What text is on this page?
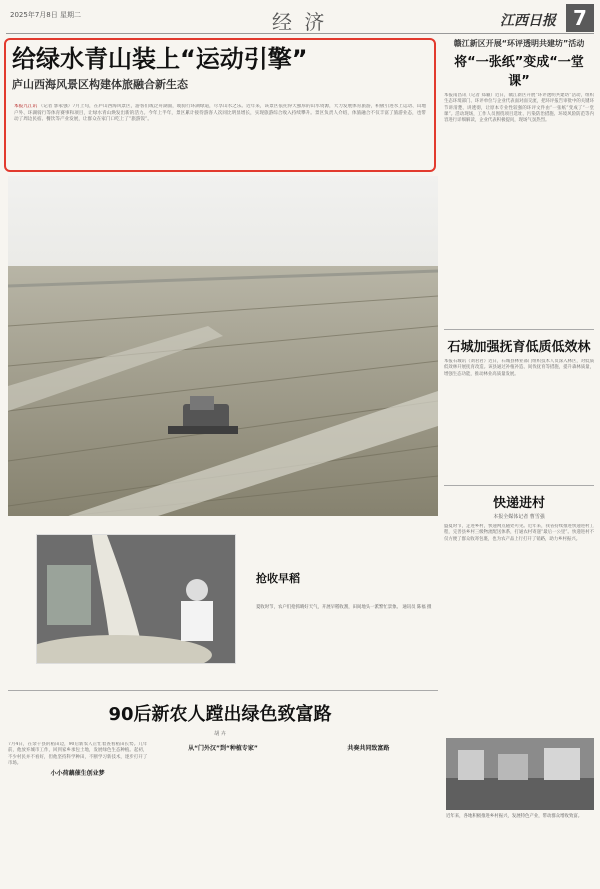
2025年7月8日 星期二	经 济	江西日报 7
给绿水青山装上“运动引擎”
庐山西海风景区构建体旅融合新生态
本报九江讯 （记者 郭家强）7月上旬，在庐山西海风景区，游客们或泛舟湖面，或骑行环湖绿道，尽享山水之乐。近年来，该景区依托得天独厚的山水资源，大力发展体育旅游，积极引进水上运动、山地户外、环湖骑行等体育赛事和项目，让绿水青山焕发出新的活力。今年上半年，景区累计接待游客人次同比明显增长，实现旅游综合收入持续攀升。景区负责人介绍，体旅融合不仅丰富了旅游业态，也带动了周边民宿、餐饮等产业发展，让群众在家门口吃上了“旅游饭”。
赣江新区开展“环评透明共建坊”活动
将“一张纸”变成“一堂课”
本报南昌讯（记者 郑颖）近日，赣江新区开展“环评透明共建坊”活动，组织生态环境部门、环评单位与企业代表面对面交流，把环评报告审批中的关键环节讲清楚、讲透彻，让原本专业性较强的环评文件由“一张纸”变成了“一堂课”。活动现场，工作人员围绕项目选址、污染防治措施、环境风险防范等内容进行详细解读，企业代表积极提问，现场气氛热烈。
石城加强抚育低质低效林
本报石城讯（刘君君）近日，石城县林业部门组织技术人员深入林区，对低质低效林开展抚育改造。该县通过补植补造、间伐抚育等措施，提升森林质量，增强生态功能，推动林业高质量发展。
快递进村
本报全媒体记者 曹雪强
盛夏时节，走进乡村，快递网点随处可见。近年来，我省持续推进快递进村工程，完善县乡村三级物流配送体系，打通农村寄递“最后一公里”。快递进村不仅方便了群众收寄包裹，也为农产品上行打开了销路，助力乡村振兴。
抢收早稻
夏收时节，农户们抢抓晴好天气，开展早稻收割，田间地头一派繁忙景象。 通讯员 陈福 摄
90后新农人蹚出绿色致富路
胡 卉
7月4日，在余干县的稻田边，90后新农人正忙着查看稻田长势。几年前，他放弃城市工作，回到家乡承包土地，发展绿色生态种植。起初，不少村民并不看好，但他坚持科学种田，不断学习新技术，逐步打开了市场。
小小荷藕催生创业梦
从“门外汉”到“种植专家”	共奏共同致富路
近年来，各地积极推进乡村振兴，发展特色产业，带动群众增收致富。
